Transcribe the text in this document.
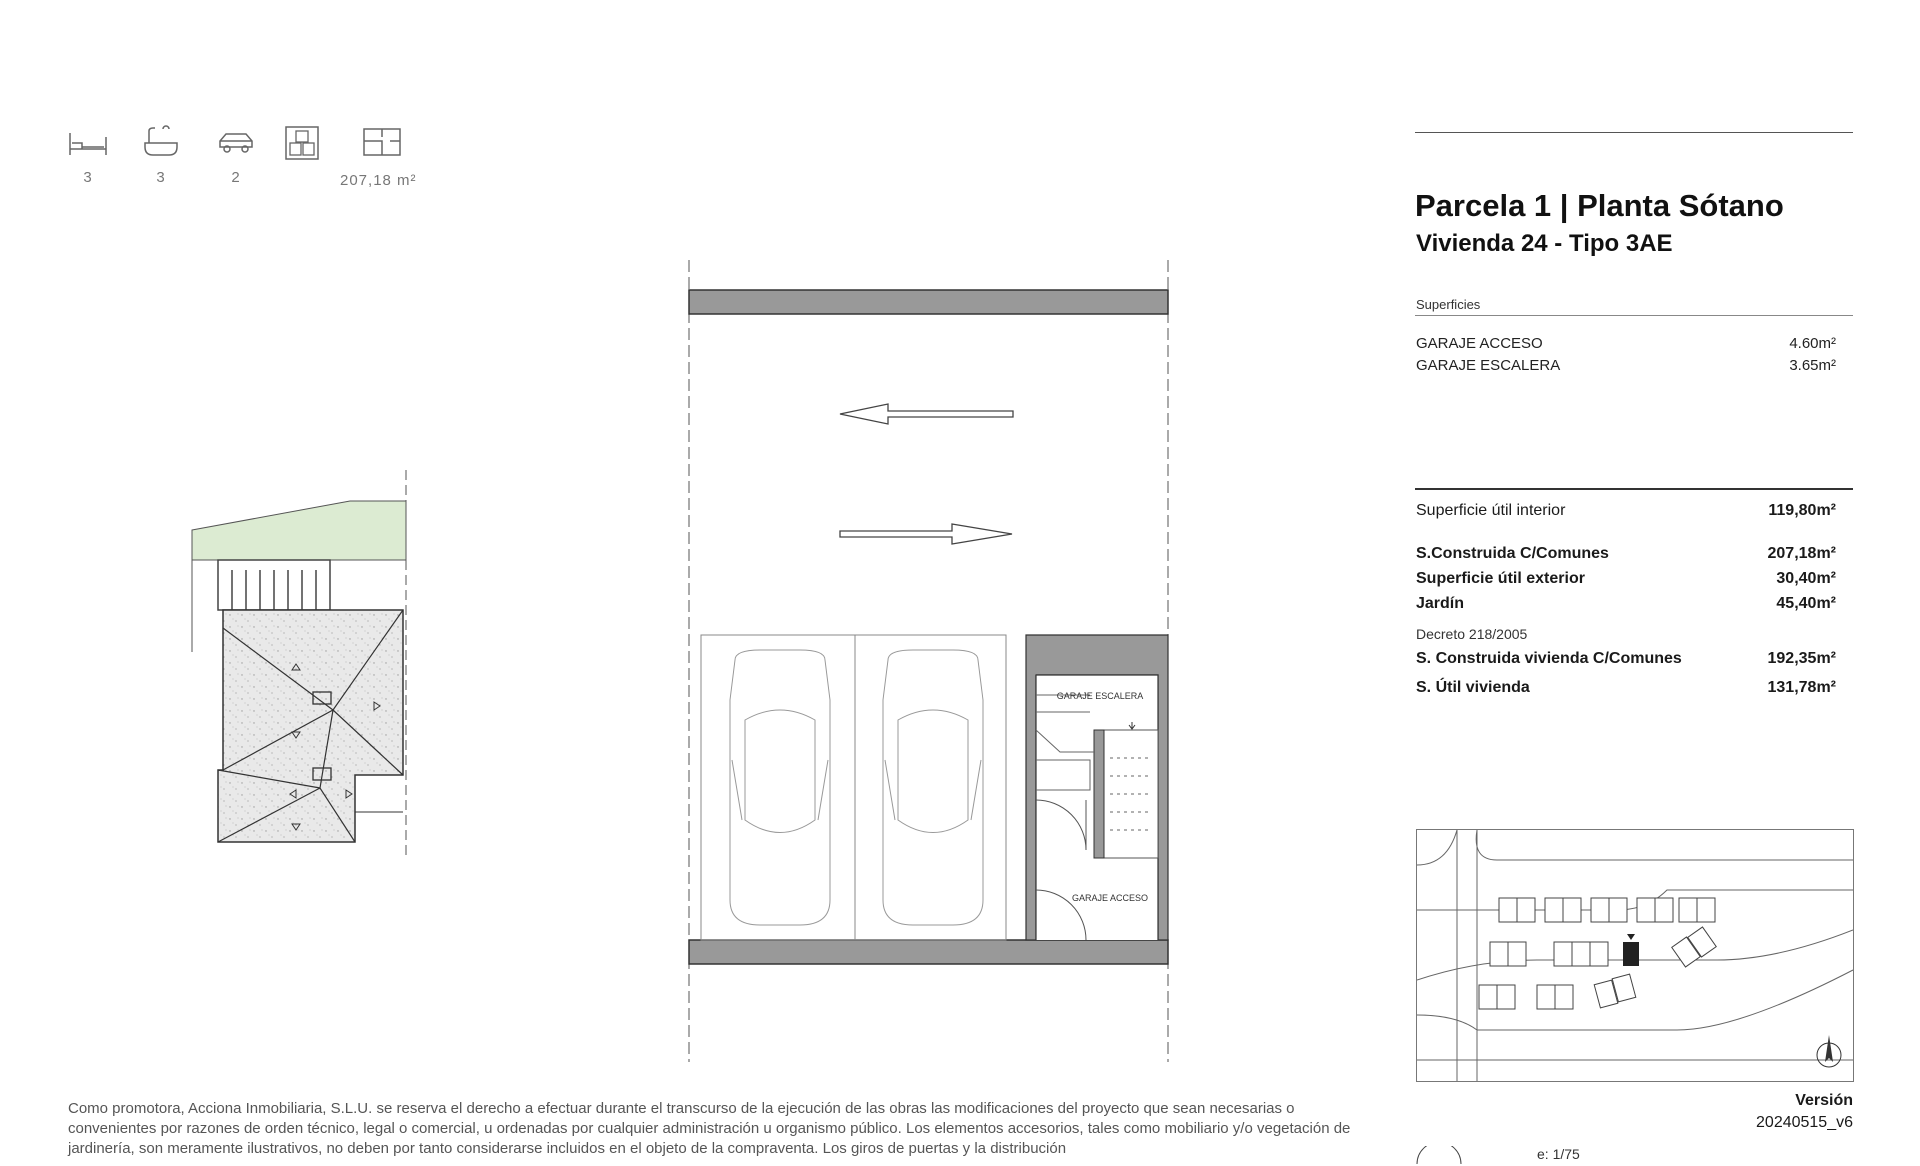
3	3	2	207,18 m²
GARAJE ESCALERA
GARAJE ACCESO
Parcela 1 | Planta Sótano
Vivienda 24 - Tipo 3AE
Superficies
GARAJE ACCESO	4.60m²
GARAJE ESCALERA	3.65m²
Superficie útil interior	119,80m²
S.Construida C/Comunes	207,18m²
Superficie útil exterior	30,40m²
Jardín	45,40m²
Decreto 218/2005
S. Construida vivienda C/Comunes	192,35m²
S. Útil vivienda	131,78m²
Versión
20240515_v6
e: 1/75
Como promotora, Acciona Inmobiliaria, S.L.U. se reserva el derecho a efectuar durante el transcurso de la ejecución de las obras las modificaciones del proyecto que sean necesarias o convenientes por razones de orden técnico, legal o comercial, u ordenadas por cualquier administración u organismo público. Los elementos accesorios, tales como mobiliario y/o vegetación de jardinería, son meramente ilustrativos, no deben por tanto considerarse incluidos en el objeto de la compraventa. Los giros de puertas y la distribución
